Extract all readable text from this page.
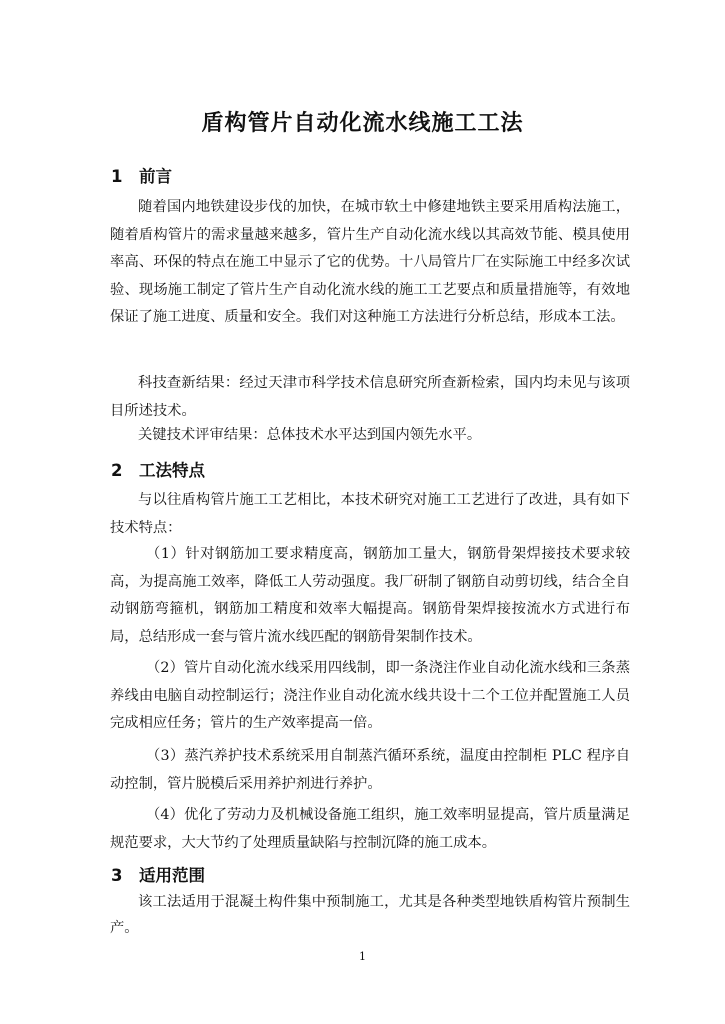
盾构管片自动化流水线施工工法
1 前言

随着国内地铁建设步伐的加快，在城市软土中修建地铁主要采用盾构法施工，随着盾构管片的需求量越来越多，管片生产自动化流水线以其高效节能、模具使用率高、环保的特点在施工中显示了它的优势。十八局管片厂在实际施工中经多次试验、现场施工制定了管片生产自动化流水线的施工工艺要点和质量措施等，有效地保证了施工进度、质量和安全。我们对这种施工方法进行分析总结，形成本工法。

科技查新结果：经过天津市科学技术信息研究所查新检索，国内均未见与该项目所述技术。

关键技术评审结果：总体技术水平达到国内领先水平。

2 工法特点

与以往盾构管片施工工艺相比，本技术研究对施工工艺进行了改进，具有如下技术特点：

（1）针对钢筋加工要求精度高，钢筋加工量大，钢筋骨架焊接技术要求较高，为提高施工效率，降低工人劳动强度。我厂研制了钢筋自动剪切线，结合全自动钢筋弯箍机，钢筋加工精度和效率大幅提高。钢筋骨架焊接按流水方式进行布局，总结形成一套与管片流水线匹配的钢筋骨架制作技术。

（2）管片自动化流水线采用四线制，即一条浇注作业自动化流水线和三条蒸养线由电脑自动控制运行；浇注作业自动化流水线共设十二个工位并配置施工人员完成相应任务；管片的生产效率提高一倍。

（3）蒸汽养护技术系统采用自制蒸汽循环系统，温度由控制柜 PLC 程序自动控制，管片脱模后采用养护剂进行养护。

（4）优化了劳动力及机械设备施工组织，施工效率明显提高，管片质量满足规范要求，大大节约了处理质量缺陷与控制沉降的施工成本。

3 适用范围

该工法适用于混凝土构件集中预制施工，尤其是各种类型地铁盾构管片预制生产。

1
